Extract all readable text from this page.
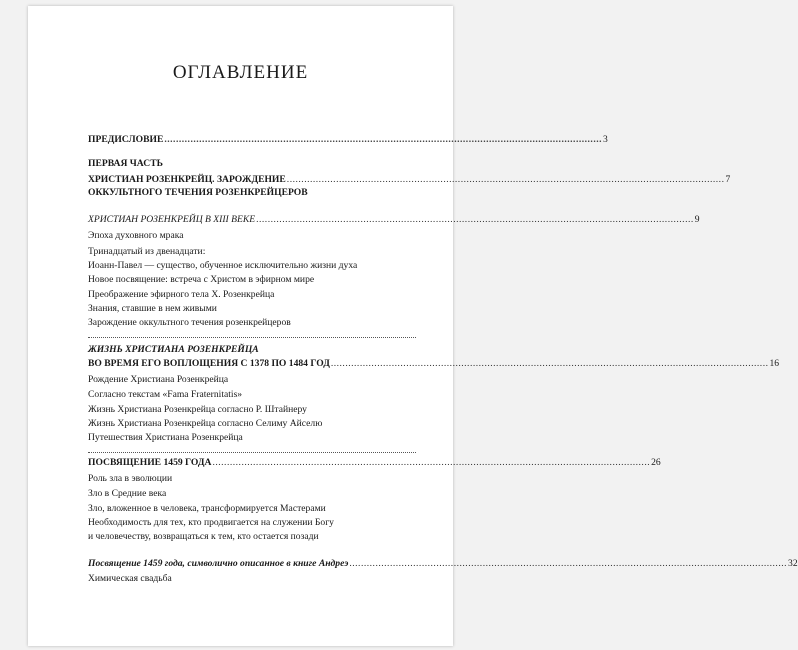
ОГЛАВЛЕНИЕ
ПРЕДИСЛОВИЕ ....................................................................................................................................................... 3
ПЕРВАЯ ЧАСТЬ
ХРИСТИАН РОЗЕНКРЕЙЦ. ЗАРОЖДЕНИЕ ....................................................................................................................................................... 7
ОККУЛЬТНОГО ТЕЧЕНИЯ РОЗЕНКРЕЙЦЕРОВ
ХРИСТИАН РОЗЕНКРЕЙЦ В XIII ВЕКЕ ....................................................................................................................................................... 9
Эпоха духовного мрака
Тринадцатый из двенадцати:
Иоанн-Павел — существо, обученное исключительно жизни духа
Новое посвящение: встреча с Христом в эфирном мире
Преображение эфирного тела Х. Розенкрейца
Знания, ставшие в нем живыми
Зарождение оккультного течения розенкрейцеров
ЖИЗНЬ ХРИСТИАНА РОЗЕНКРЕЙЦА
ВО ВРЕМЯ ЕГО ВОПЛОЩЕНИЯ С 1378 ПО 1484 ГОД ....................................................................................................................................................... 16
Рождение Христиана Розенкрейца
Согласно текстам «Fama Fraternitatis»
Жизнь Христиана Розенкрейца согласно Р. Штайнеру
Жизнь Христиана Розенкрейца согласно Селиму Айселю
Путешествия Христиана Розенкрейца
ПОСВЯЩЕНИЕ 1459 ГОДА ....................................................................................................................................................... 26
Роль зла в эволюции
Зло в Средние века
Зло, вложенное в человека, трансформируется Мастерами
Необходимость для тех, кто продвигается на служении Богу
и человечеству, возвращаться к тем, кто остается позади
Посвящение 1459 года, символично описанное в книге Андреэ ....................................................................................................................................................... 32
Химическая свадьба
